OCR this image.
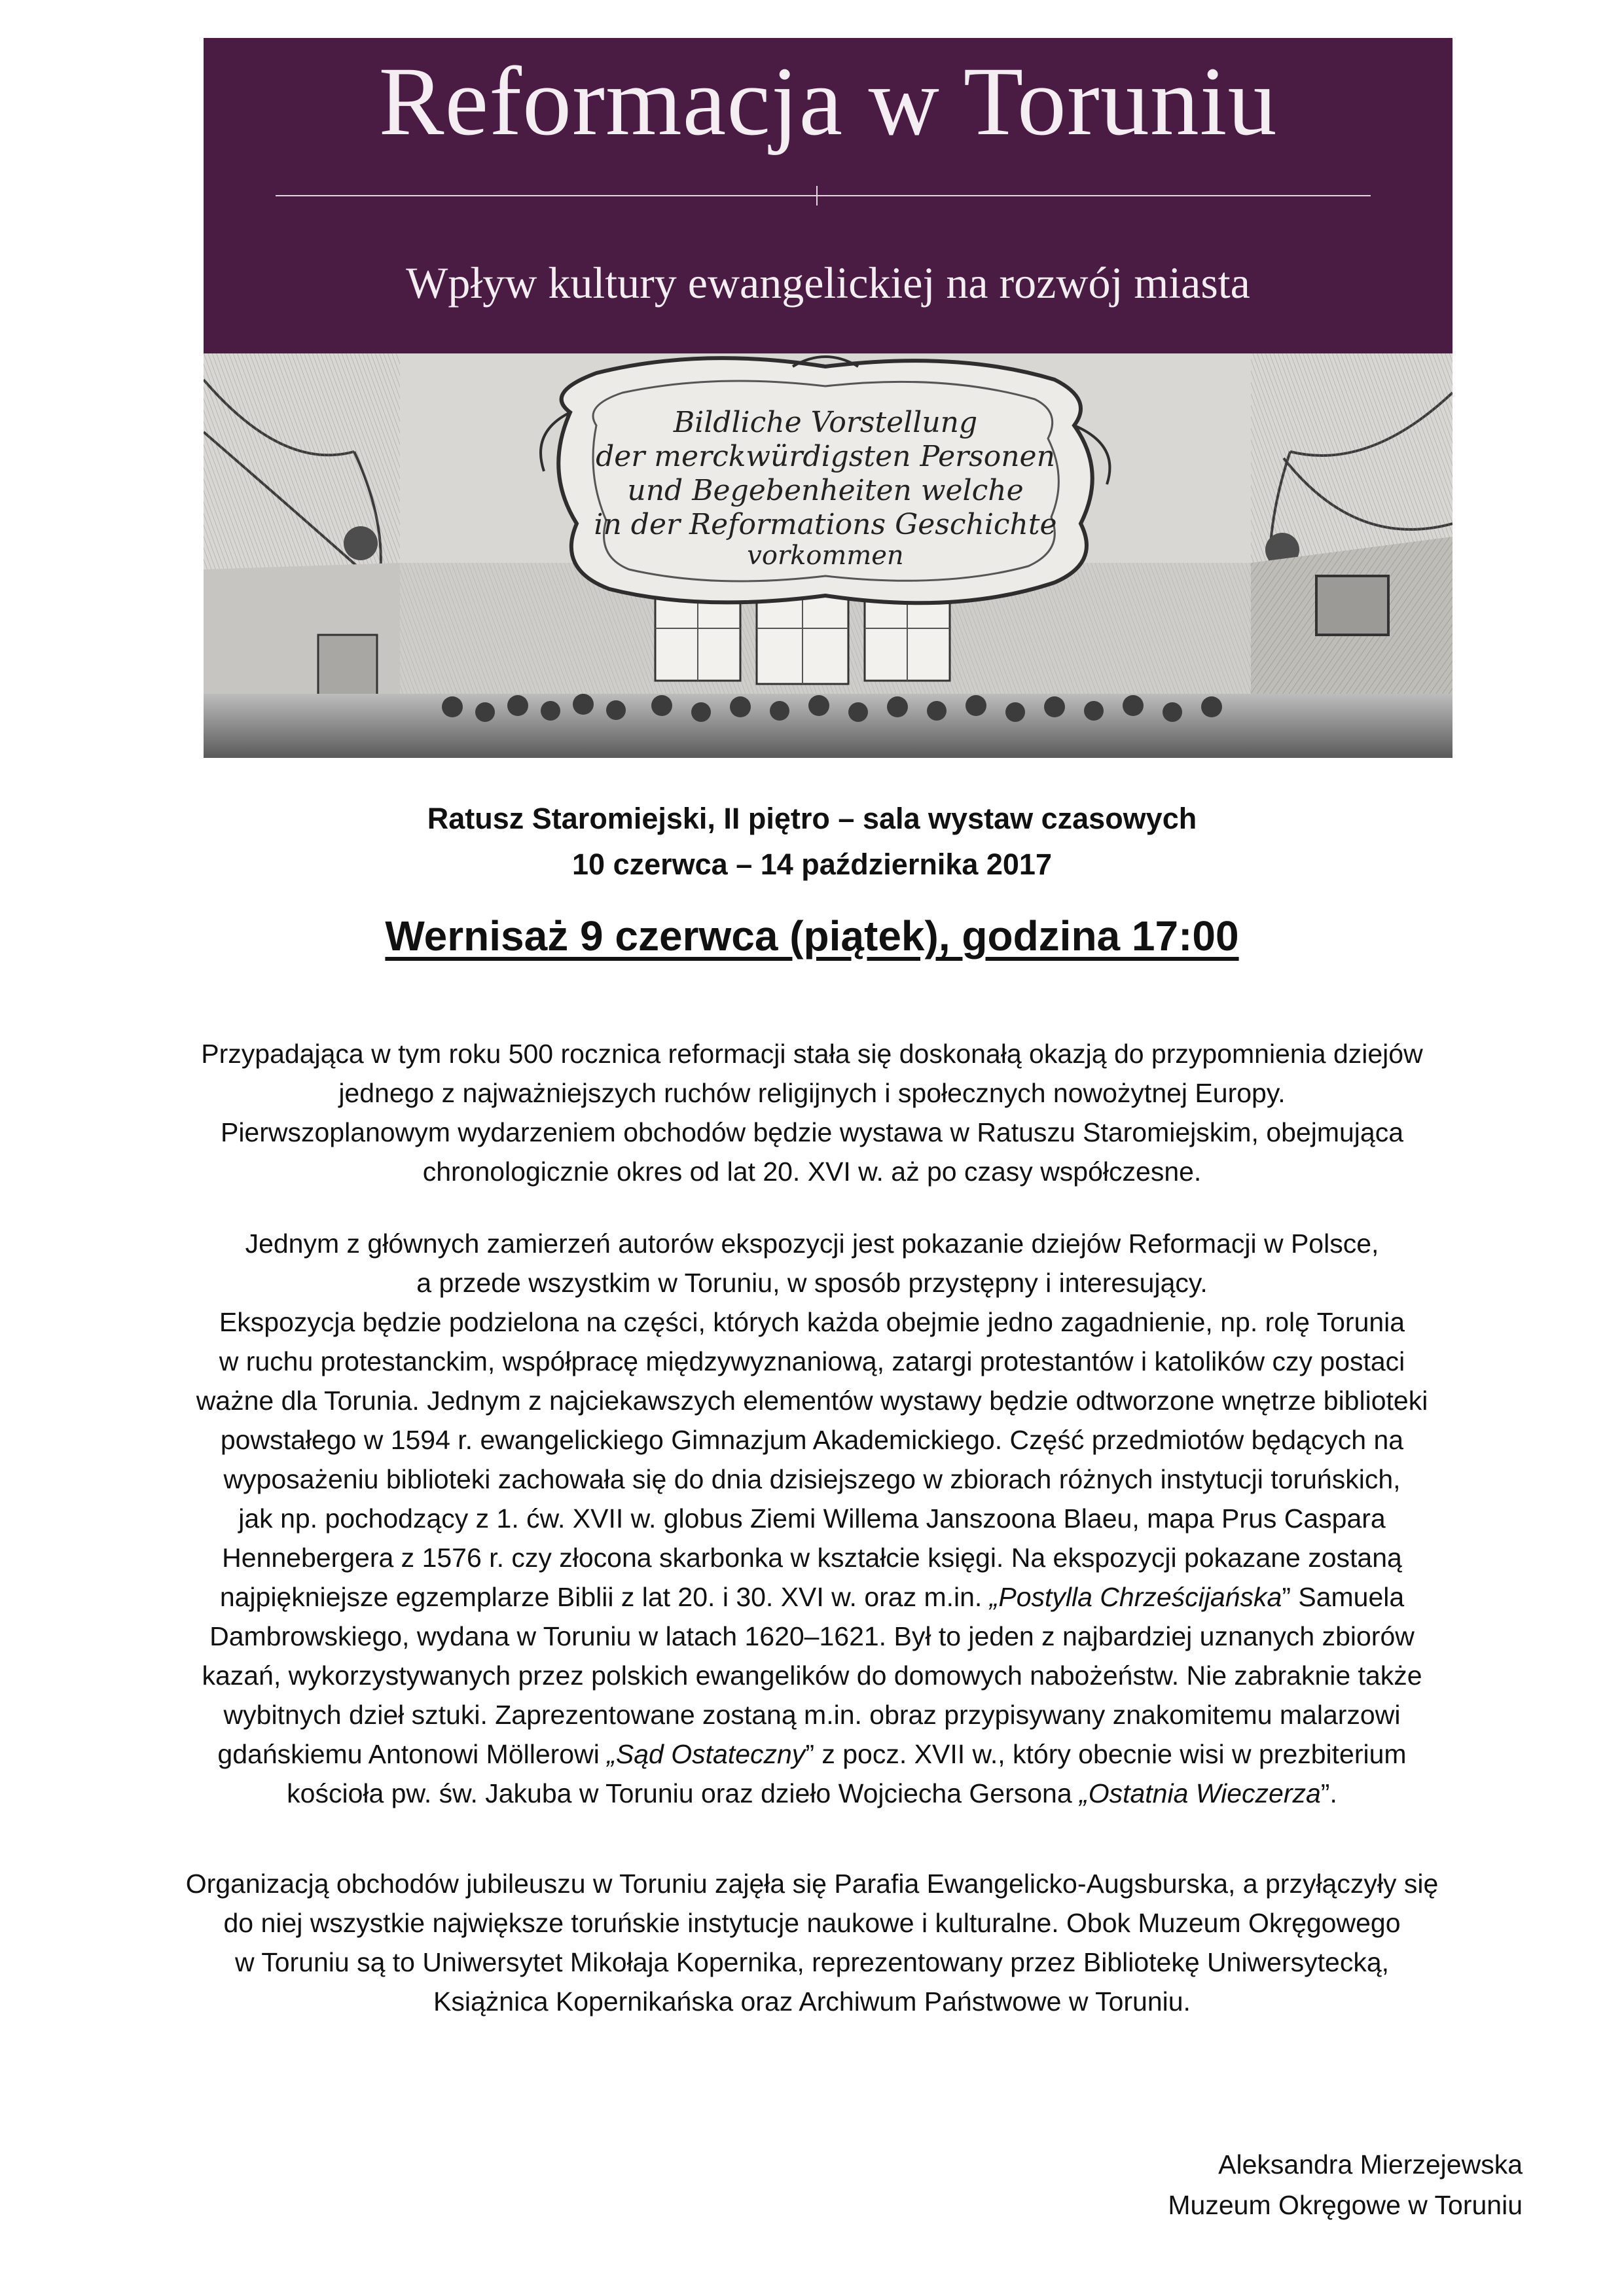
Reformacja w Toruniu
Wpływ kultury ewangelickiej na rozwój miasta
Bildliche Vorstellung
der merckwürdigsten Personen
und Begebenheiten welche
in der Reformations Geschichte
vorkommen
Ratusz Staromiejski, II piętro – sala wystaw czasowych
10 czerwca – 14 października 2017
Wernisaż 9 czerwca (piątek), godzina 17:00
Przypadająca w tym roku 500 rocznica reformacji stała się doskonałą okazją do przypomnienia dziejów
jednego z najważniejszych ruchów religijnych i społecznych nowożytnej Europy.
Pierwszoplanowym wydarzeniem obchodów będzie wystawa w Ratuszu Staromiejskim, obejmująca
chronologicznie okres od lat 20. XVI w. aż po czasy współczesne.
Jednym z głównych zamierzeń autorów ekspozycji jest pokazanie dziejów Reformacji w Polsce,
a przede wszystkim w Toruniu, w sposób przystępny i interesujący.
Ekspozycja będzie podzielona na części, których każda obejmie jedno zagadnienie, np. rolę Torunia
w ruchu protestanckim, współpracę międzywyznaniową, zatargi protestantów i katolików czy postaci
ważne dla Torunia. Jednym z najciekawszych elementów wystawy będzie odtworzone wnętrze biblioteki
powstałego w 1594 r. ewangelickiego Gimnazjum Akademickiego. Część przedmiotów będących na
wyposażeniu biblioteki zachowała się do dnia dzisiejszego w zbiorach różnych instytucji toruńskich,
jak np. pochodzący z 1. ćw. XVII w. globus Ziemi Willema Janszoona Blaeu, mapa Prus Caspara
Hennebergera z 1576 r. czy złocona skarbonka w kształcie księgi. Na ekspozycji pokazane zostaną
najpiękniejsze egzemplarze Biblii z lat 20. i 30. XVI w. oraz m.in. „Postylla Chrześcijańska” Samuela
Dambrowskiego, wydana w Toruniu w latach 1620–1621. Był to jeden z najbardziej uznanych zbiorów
kazań, wykorzystywanych przez polskich ewangelików do domowych nabożeństw. Nie zabraknie także
wybitnych dzieł sztuki. Zaprezentowane zostaną m.in. obraz przypisywany znakomitemu malarzowi
gdańskiemu Antonowi Möllerowi „Sąd Ostateczny” z pocz. XVII w., który obecnie wisi w prezbiterium
kościoła pw. św. Jakuba w Toruniu oraz dzieło Wojciecha Gersona „Ostatnia Wieczerza”.
Organizacją obchodów jubileuszu w Toruniu zajęła się Parafia Ewangelicko-Augsburska, a przyłączyły się
do niej wszystkie największe toruńskie instytucje naukowe i kulturalne. Obok Muzeum Okręgowego
w Toruniu są to Uniwersytet Mikołaja Kopernika, reprezentowany przez Bibliotekę Uniwersytecką,
Książnica Kopernikańska oraz Archiwum Państwowe w Toruniu.
Aleksandra Mierzejewska
Muzeum Okręgowe w Toruniu
